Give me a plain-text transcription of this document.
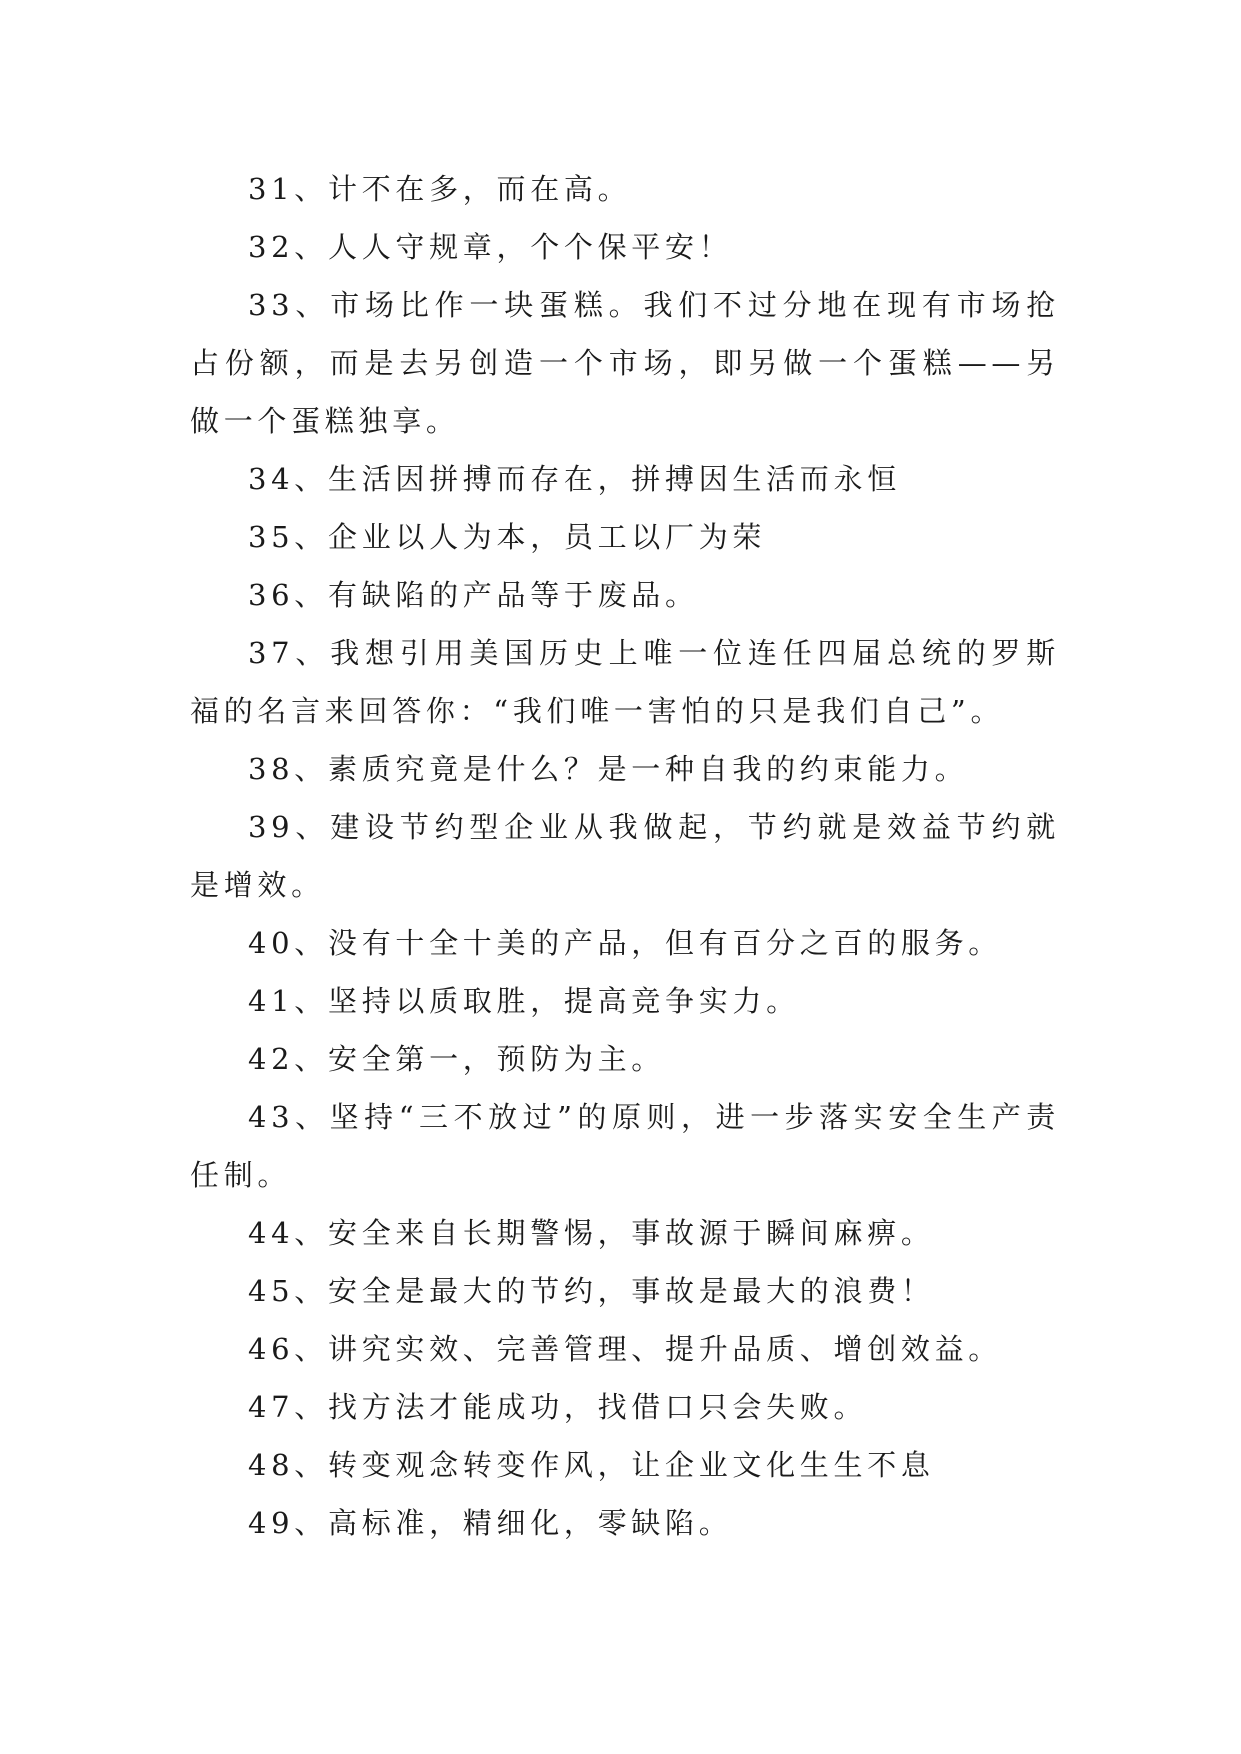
31、计不在多，而在高。

32、人人守规章，个个保平安！

33、市场比作一块蛋糕。我们不过分地在现有市场抢占份额，而是去另创造一个市场，即另做一个蛋糕——另做一个蛋糕独享。

34、生活因拼搏而存在，拼搏因生活而永恒

35、企业以人为本，员工以厂为荣

36、有缺陷的产品等于废品。

37、我想引用美国历史上唯一位连任四届总统的罗斯福的名言来回答你：“我们唯一害怕的只是我们自己”。

38、素质究竟是什么？是一种自我的约束能力。

39、建设节约型企业从我做起，节约就是效益节约就是增效。

40、没有十全十美的产品，但有百分之百的服务。

41、坚持以质取胜，提高竞争实力。

42、安全第一，预防为主。

43、坚持“三不放过”的原则，进一步落实安全生产责任制。

44、安全来自长期警惕，事故源于瞬间麻痹。

45、安全是最大的节约，事故是最大的浪费！

46、讲究实效、完善管理、提升品质、增创效益。

47、找方法才能成功，找借口只会失败。

48、转变观念转变作风，让企业文化生生不息

49、高标准，精细化，零缺陷。
